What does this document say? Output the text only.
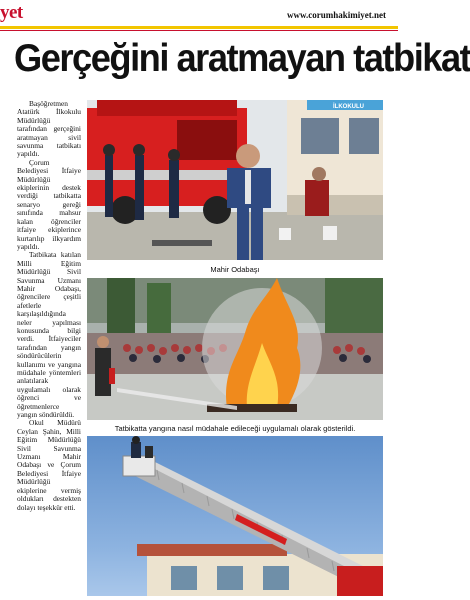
yet	www.corumhakimiyet.net
Gerçeğini aratmayan tatbikat

Başöğretmen Atatürk İlkokulu Müdürlüğü tarafından gerçeğini aratmayan sivil savunma tatbikatı yapıldı.

Çorum Belediyesi İtfaiye Müdürlüğü ekiplerinin destek verdiği tatbikatta senaryo gereği sınıfında mahsur kalan öğrenciler itfaiye ekiplerince kurtarılıp ilkyardım yapıldı.

Tatbikata katılan Milli Eğitim Müdürlüğü Sivil Savunma Uzmanı Mahir Odabaşı, öğrencilere çeşitli afetlerle karşılaşıldığında neler yapılması konusunda bilgi verdi. İtfaiyeciler tarafından yangın söndürücülerin kullanımı ve yangına müdahale yöntemleri anlatılarak uygulamalı olarak öğrenci ve öğretmenlerce yangın söndürüldü.

Okul Müdürü Ceylan Şahin, Milli Eğitim Müdürlüğü Sivil Savunma Uzmanı Mahir Odabaşı ve Çorum Belediyesi İtfaiye Müdürlüğü ekiplerine vermiş oldukları destekten dolayı teşekkür etti.

İLKOKULU
Mahir Odabaşı
Tatbikatta yangına nasıl müdahale edileceği uygulamalı olarak gösterildi.
